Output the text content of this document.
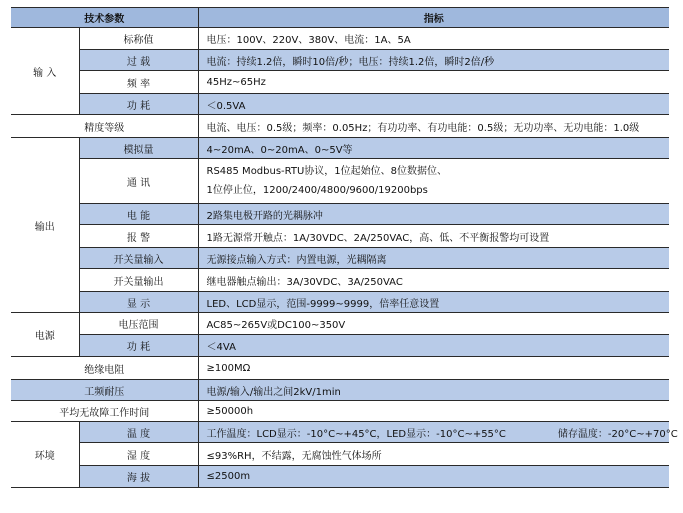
技术参数		指标
输 入	标称值	电压：100V、220V、380V、电流：1A、5A
	过 载	电流：持续1.2倍，瞬时10倍/秒；电压：持续1.2倍，瞬时2倍/秒
	频 率	45Hz~65Hz
	功 耗	＜0.5VA
精度等级		电流、电压：0.5级；频率：0.05Hz；有功功率、有功电能：0.5级；无功功率、无功电能：1.0级
输出	模拟量	4~20mA、0~20mA、0~5V等
	通 讯	RS485 Modbus-RTU协议，1位起始位、8位数据位、
1位停止位，1200/2400/4800/9600/19200bps

	电 能	2路集电极开路的光耦脉冲
	报 警	1路无源常开触点：1A/30VDC、2A/250VAC，高、低、不平衡报警均可设置
	开关量输入	无源接点输入方式：内置电源，光耦隔离
	开关量输出	继电器触点输出：3A/30VDC、3A/250VAC
	显 示	LED、LCD显示，范围-9999~9999，倍率任意设置
电源	电压范围	AC85~265V或DC100~350V
	功 耗	＜4VA
绝缘电阻		≥100MΩ
工频耐压		电源/输入/输出之间2kV/1min
平均无故障工作时间		≥50000h
环境	温 度	工作温度：LCD显示：-10°C~+45°C，LED显示：-10°C~+55°C 储存温度：-20°C~+70°C
	湿 度	≤93%RH，不结露，无腐蚀性气体场所
	海 拔	≤2500m
